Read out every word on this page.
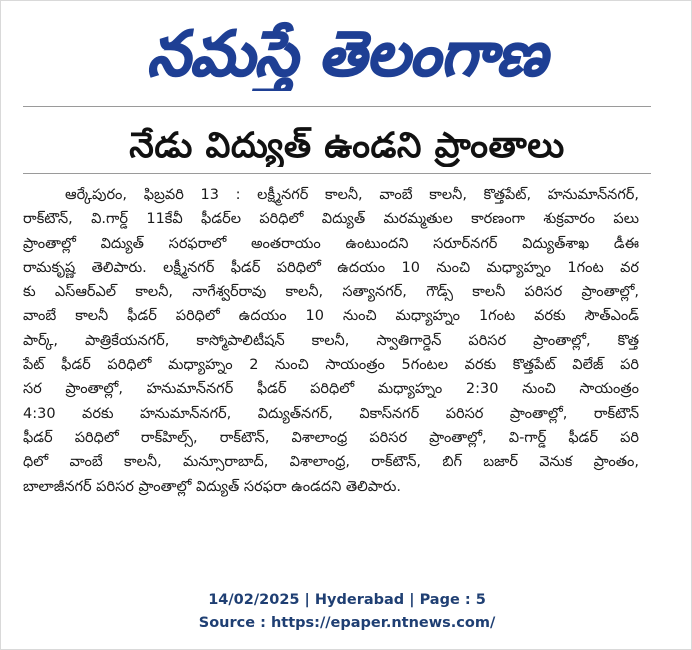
నమస్తే తెలంగాణ
నేడు విద్యుత్ ఉండని ప్రాంతాలు
ఆర్కేపురం, ఫిబ్రవరి 13 : లక్ష్మీనగర్ కాలనీ, వాంబే కాలనీ, కొత్తపేట్, హనుమాన్‌నగర్,
రాక్‌టౌన్, వి.గార్డ్ 11కేవీ ఫీడర్‌ల పరిధిలో విద్యుత్ మరమ్మతుల కారణంగా శుక్రవారం పలు
ప్రాంతాల్లో విద్యుత్ సరఫరాలో అంతరాయం ఉంటుందని సరూర్‌నగర్ విద్యుత్‌శాఖ డీఈ
రామకృష్ణ తెలిపారు. లక్ష్మీనగర్ ఫీడర్ పరిధిలో ఉదయం 10 నుంచి మధ్యాహ్నం 1గంట వర
కు ఎస్ఆర్ఎల్ కాలనీ, నాగేశ్వర్‌రావు కాలనీ, సత్యానగర్, గౌడ్స్ కాలనీ పరిసర ప్రాంతాల్లో,
వాంబే కాలనీ ఫీడర్ పరిధిలో ఉదయం 10 నుంచి మధ్యాహ్నం 1గంట వరకు సౌత్‌ఎండ్
పార్క్, పాత్రికేయనగర్, కాస్మోపాలిటీషన్ కాలనీ, స్వాతిగార్డెన్ పరిసర ప్రాంతాల్లో, కొత్త
పేట్ ఫీడర్ పరిధిలో మధ్యాహ్నం 2 నుంచి సాయంత్రం 5గంటల వరకు కొత్తపేట్ విలేజ్ పరి
సర ప్రాంతాల్లో, హనుమాన్‌నగర్ ఫీడర్ పరిధిలో మధ్యాహ్నం 2:30 నుంచి సాయంత్రం
4:30 వరకు హనుమాన్‌నగర్, విద్యుత్‌నగర్, వికాస్‌నగర్ పరిసర ప్రాంతాల్లో, రాక్‌టౌన్
ఫీడర్ పరిధిలో రాక్‌హిల్స్, రాక్‌టౌన్, విశాలాంధ్ర పరిసర ప్రాంతాల్లో, వి-గార్డ్ ఫీడర్ పరి
ధిలో వాంబే కాలనీ, మన్సూరాబాద్, విశాలాంధ్ర, రాక్‌టౌన్, బిగ్ బజార్ వెనుక ప్రాంతం,
బాలాజీనగర్ పరిసర ప్రాంతాల్లో విద్యుత్ సరఫరా ఉండదని తెలిపారు.
14/02/2025 | Hyderabad | Page : 5
Source : https://epaper.ntnews.com/
